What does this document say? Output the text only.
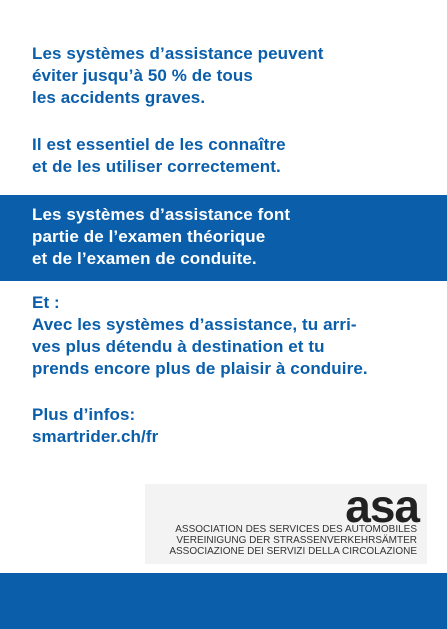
Les systèmes d’assistance peuvent
éviter jusqu’à 50 % de tous
les accidents graves.
Il est essentiel de les connaître
et de les utiliser correctement.
Les systèmes d’assistance font
partie de l’examen théorique
et de l’examen de conduite.
Et :
Avec les systèmes d’assistance, tu arri-
ves plus détendu à destination et tu
prends encore plus de plaisir à conduire.
Plus d’infos:
smartrider.ch/fr
asa
ASSOCIATION DES SERVICES DES AUTOMOBILES
VEREINIGUNG DER STRASSENVERKEHRSÄMTER
ASSOCIAZIONE DEI SERVIZI DELLA CIRCOLAZIONE
